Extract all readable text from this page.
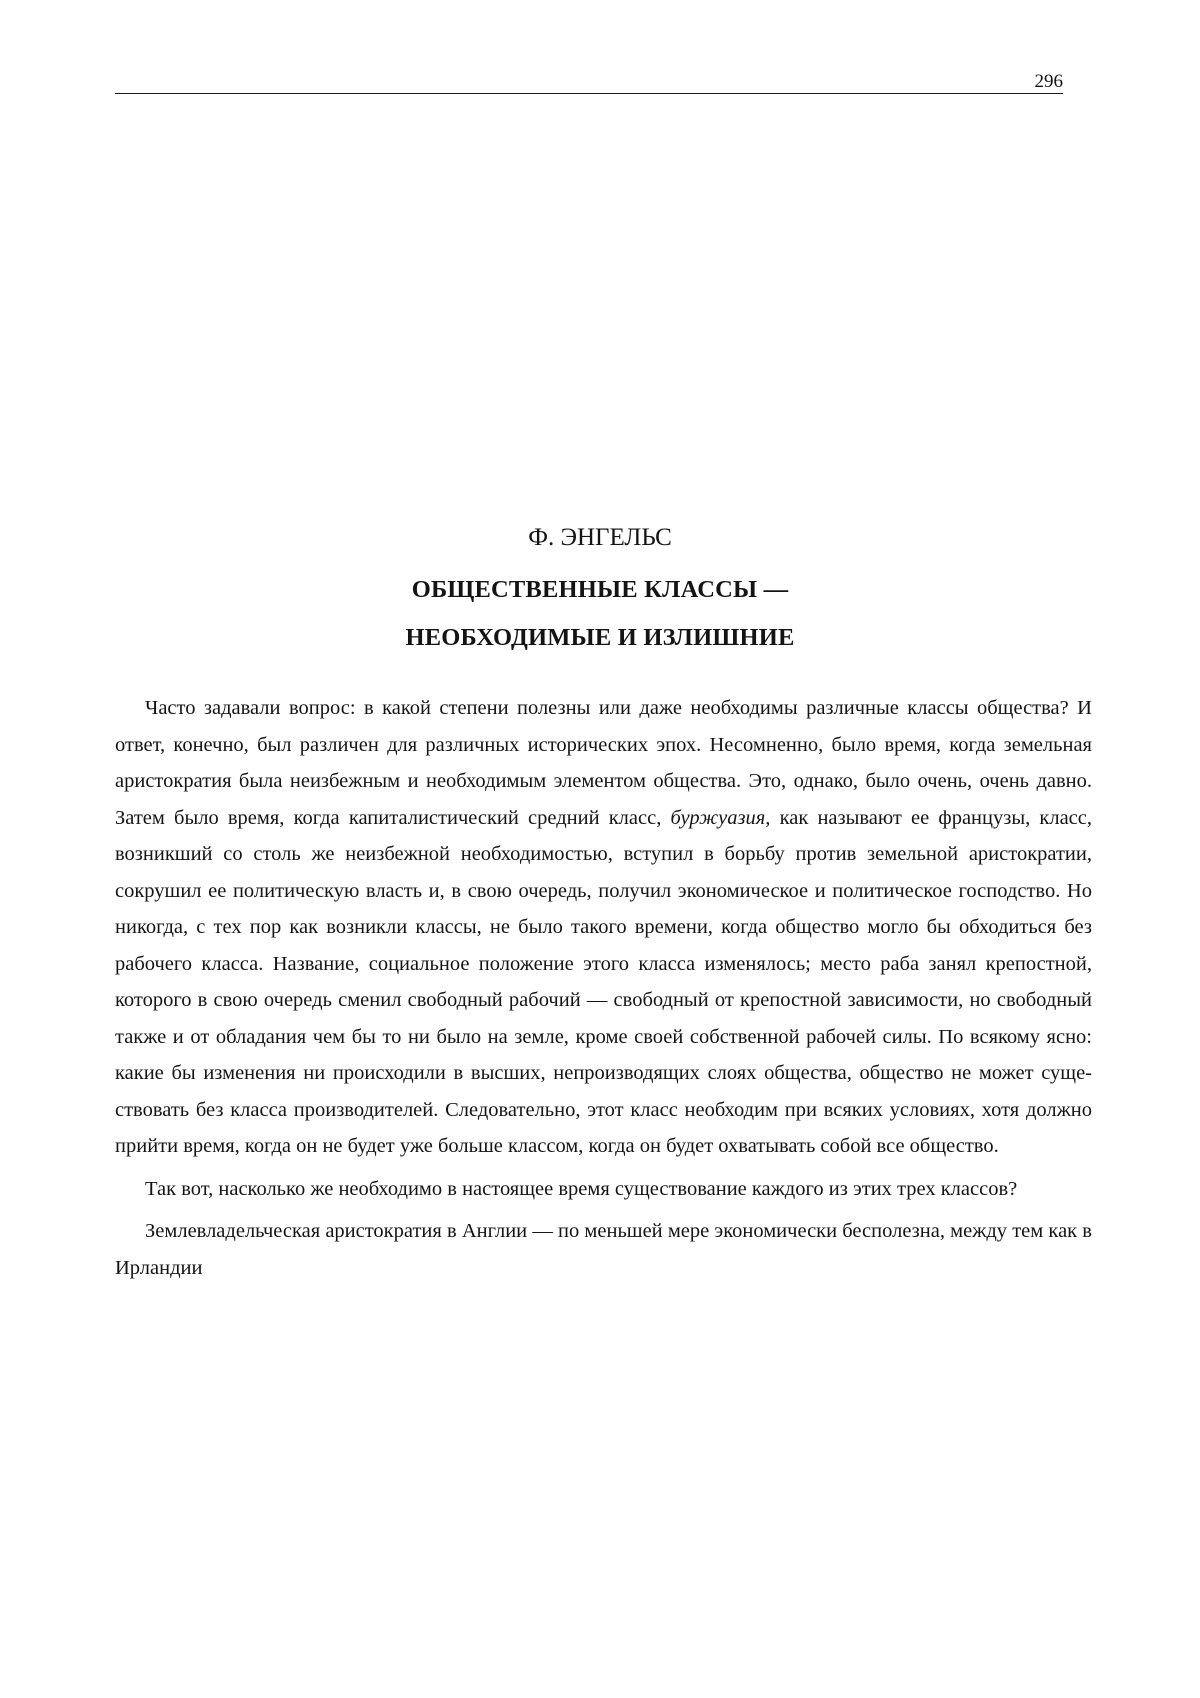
296
Ф. ЭНГЕЛЬС
ОБЩЕСТВЕННЫЕ КЛАССЫ —
НЕОБХОДИМЫЕ И ИЗЛИШНИЕ

Часто задавали вопрос: в какой степени полезны или даже необходимы различные классы общества? И ответ, конечно, был различен для различных исторических эпох. Несомненно, было время, когда земельная аристократия была неизбежным и необходимым элементом общества. Это, однако, было очень, очень давно. Затем было время, когда капиталистический средний класс, буржуазия, как называют ее французы, класс, возникший со столь же неизбежной необходимостью, вступил в борьбу против земельной аристократии, сокрушил ее политическую власть и, в свою очередь, получил экономическое и политическое господство. Но никогда, с тех пор как возникли классы, не было такого времени, когда общество могло бы обходиться без рабочего класса. Название, социальное положение этого класса изменялось; место раба занял крепостной, которого в свою очередь сменил свободный рабочий — свободный от крепостной зависимости, но свободный также и от обладания чем бы то ни было на земле, кроме своей собственной рабочей силы. По всякому ясно: какие бы изменения ни происходили в высших, непроизводящих слоях общества, общество не может существовать без класса производителей. Следовательно, этот класс необходим при всяких условиях, хотя должно прийти время, когда он не будет уже больше классом, когда он будет охватывать собой все общество.

Так вот, насколько же необходимо в настоящее время существование каждого из этих трех классов?

Землевладельческая аристократия в Англии — по меньшей мере экономически бесполезна, между тем как в Ирландии
